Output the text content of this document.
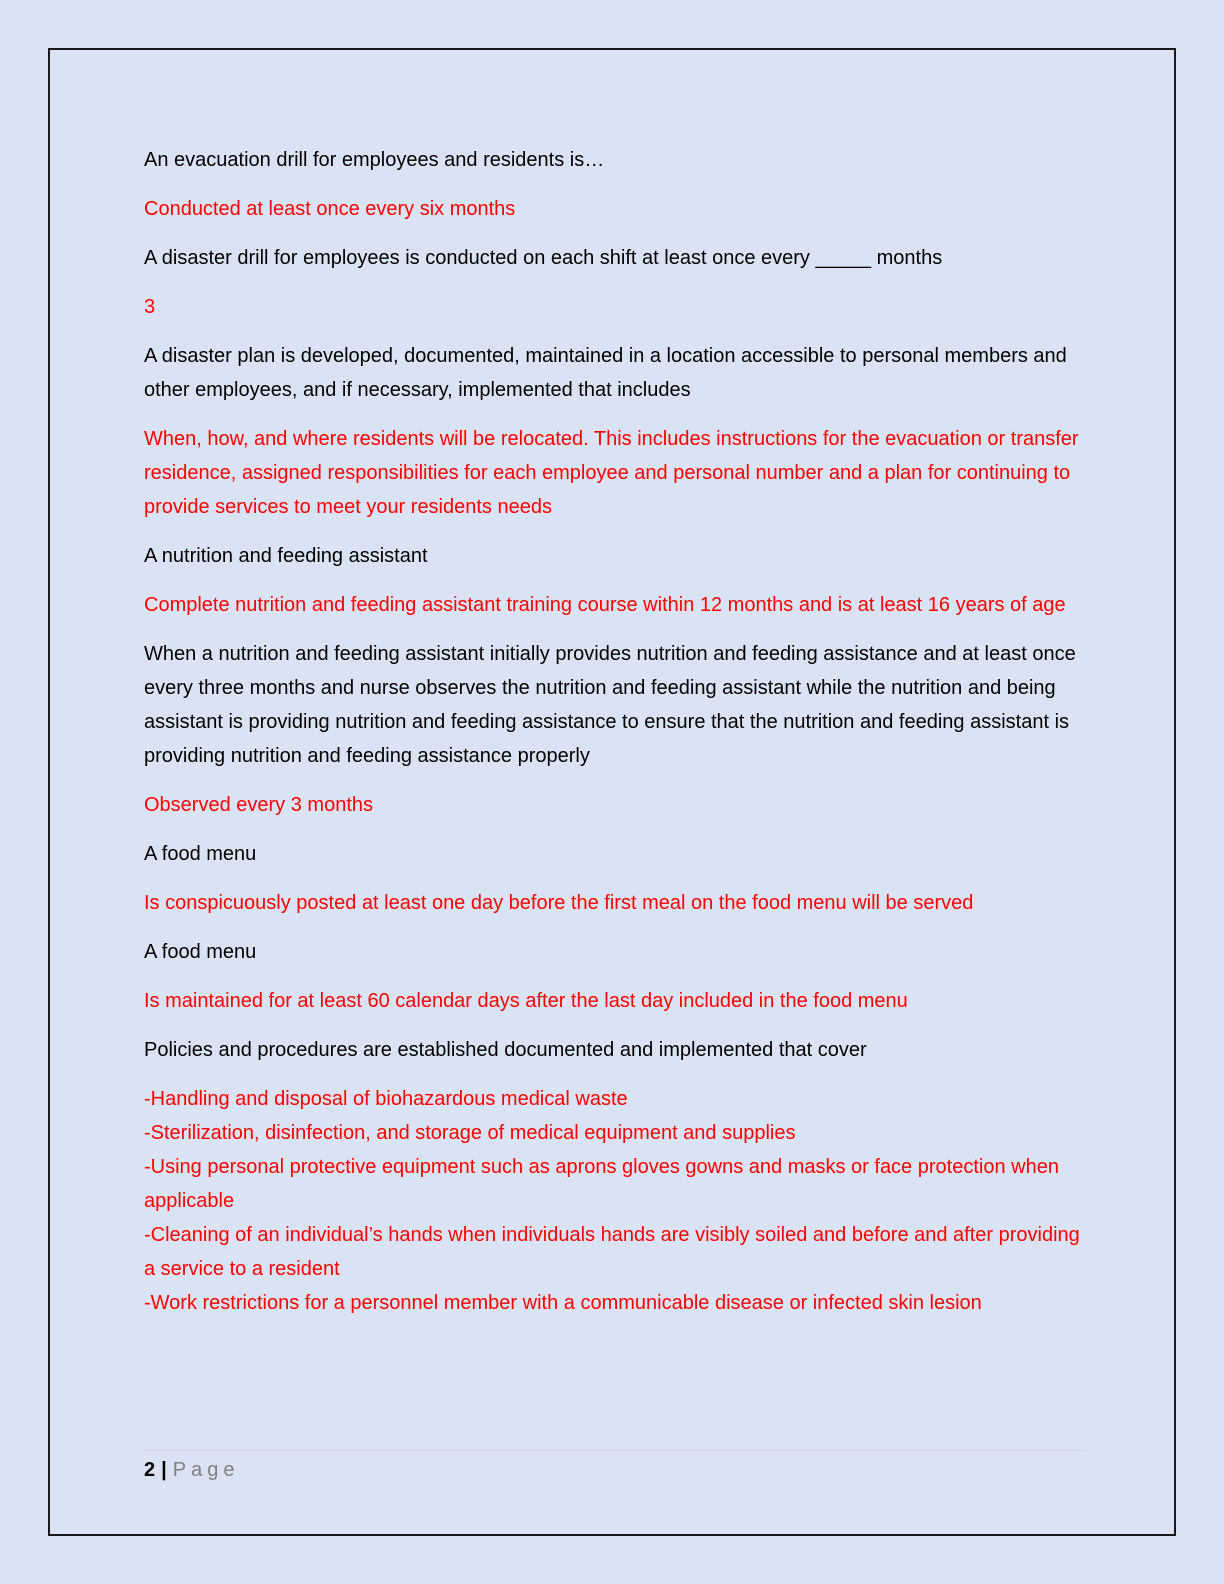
An evacuation drill for employees and residents is…

Conducted at least once every six months

A disaster drill for employees is conducted on each shift at least once every _____ months

3

A disaster plan is developed, documented, maintained in a location accessible to personal members and other employees, and if necessary, implemented that includes

When, how, and where residents will be relocated. This includes instructions for the evacuation or transfer residence, assigned responsibilities for each employee and personal number and a plan for continuing to provide services to meet your residents needs

A nutrition and feeding assistant

Complete nutrition and feeding assistant training course within 12 months and is at least 16 years of age

When a nutrition and feeding assistant initially provides nutrition and feeding assistance and at least once every three months and nurse observes the nutrition and feeding assistant while the nutrition and being assistant is providing nutrition and feeding assistance to ensure that the nutrition and feeding assistant is providing nutrition and feeding assistance properly

Observed every 3 months

A food menu

Is conspicuously posted at least one day before the first meal on the food menu will be served

A food menu

Is maintained for at least 60 calendar days after the last day included in the food menu

Policies and procedures are established documented and implemented that cover

-Handling and disposal of biohazardous medical waste
-Sterilization, disinfection, and storage of medical equipment and supplies
-Using personal protective equipment such as aprons gloves gowns and masks or face protection when applicable
-Cleaning of an individual’s hands when individuals hands are visibly soiled and before and after providing a service to a resident
-Work restrictions for a personnel member with a communicable disease or infected skin lesion

2 | Page
